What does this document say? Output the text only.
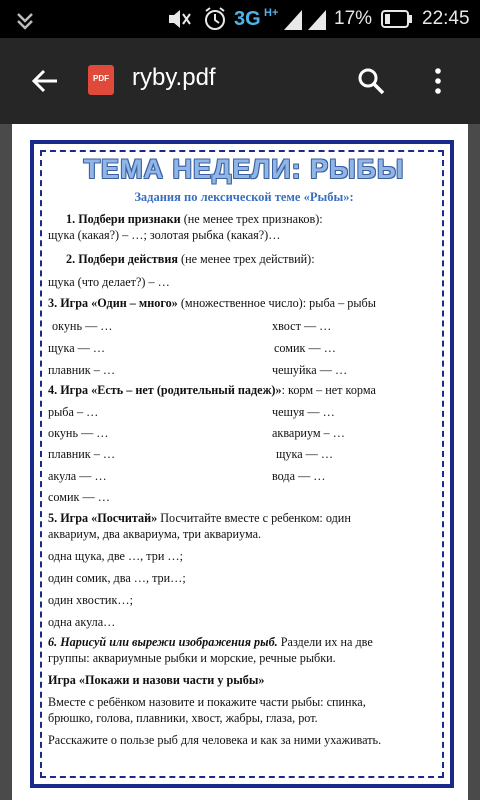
3G H+	17%	22:45
PDF ryby.pdf
ТЕМА НЕДЕЛИ: РЫБЫ
Задания по лексической теме «Рыбы»:
1. Подбери признаки (не менее трех признаков):
щука (какая?) – …; золотая рыбка (какая?)…
2. Подбери действия (не менее трех действий):
щука (что делает?) – …
3. Игра «Один – много» (множественное число): рыба – рыбы
окунь — …
щука — …
плавник – …
хвост — …
сомик — …
чешуйка — …
4. Игра «Есть – нет (родительный падеж)»: корм – нет корма
рыба – …
окунь — …
плавник – …
акула — …
сомик — …
чешуя — …
аквариум – …
щука — …
вода — …
5. Игра «Посчитай» Посчитайте вместе с ребенком: один
аквариум, два аквариума, три аквариума.
одна щука, две …, три …;
один сомик, два …, три…;
один хвостик…;
одна акула…
6. Нарисуй или вырежи изображения рыб. Раздели их на две
группы: аквариумные рыбки и морские, речные рыбки.
Игра «Покажи и назови части у рыбы»
Вместе с ребёнком назовите и покажите части рыбы: спинка,
брюшко, голова, плавники, хвост, жабры, глаза, рот.
Расскажите о пользе рыб для человека и как за ними ухаживать.
